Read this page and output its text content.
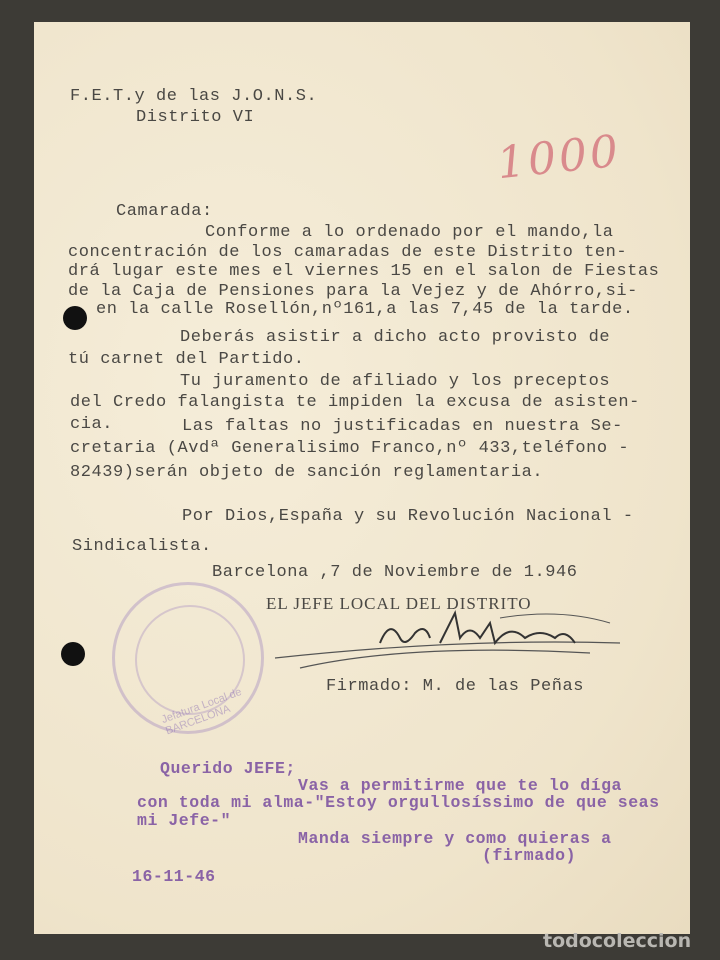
F.E.T.y de las J.O.N.S.
Distrito VI
1000
Camarada:
Conforme a lo ordenado por el mando,la
concentración de los camaradas de este Distrito ten-
drá lugar este mes el viernes 15 en el salon de Fiestas
de la Caja de Pensiones para la Vejez y de Ahórro,si-
en la calle Rosellón,nº161,a las 7,45 de la tarde.
Deberás asistir a dicho acto provisto de
tú carnet del Partido.
Tu juramento de afiliado y los preceptos
del Credo falangista te impiden la excusa de asisten-
cia.	Las faltas no justificadas en nuestra Se-
cretaria (Avdª Generalisimo Franco,nº 433,teléfono -
82439)serán objeto de sanción reglamentaria.
Por Dios,España y su Revolución Nacional -
Sindicalista.
Barcelona ,7 de Noviembre de 1.946
EL JEFE LOCAL DEL DISTRITO
Firmado: M. de las Peñas
Jefatura Local de BARCELONA
Querido JEFE;
Vas a permitirme que te lo díga
con toda mi alma-"Estoy orgullosíssimo de que seas
mi Jefe-"
Manda siempre y como quieras a
(firmado)
16-11-46
todocoleccion
